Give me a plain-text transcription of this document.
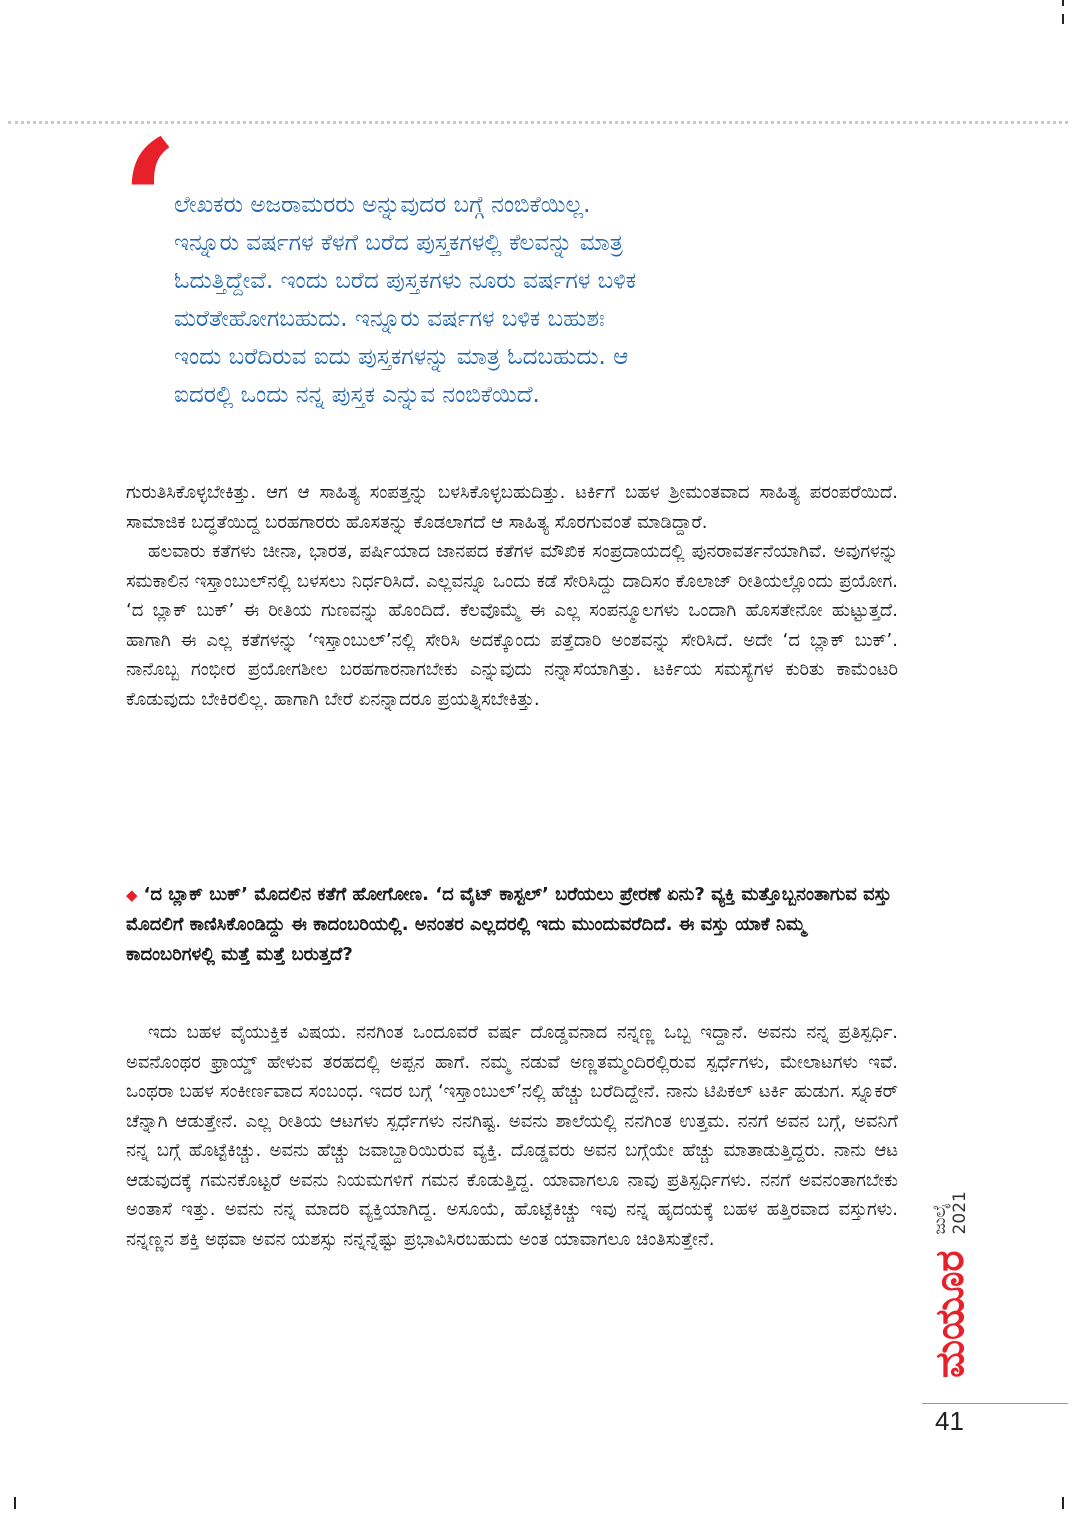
‘
ಲೇಖಕರು ಅಜರಾಮರರು ಅನ್ನುವುದರ ಬಗ್ಗೆ ನಂಬಿಕೆಯಿಲ್ಲ.
ಇನ್ನೂರು ವರ್ಷಗಳ ಕೆಳಗೆ ಬರೆದ ಪುಸ್ತಕಗಳಲ್ಲಿ ಕೆಲವನ್ನು ಮಾತ್ರ
ಓದುತ್ತಿದ್ದೇವೆ. ಇಂದು ಬರೆದ ಪುಸ್ತಕಗಳು ನೂರು ವರ್ಷಗಳ ಬಳಿಕ
ಮರೆತೇಹೋಗಬಹುದು. ಇನ್ನೂರು ವರ್ಷಗಳ ಬಳಿಕ ಬಹುಶಃ
ಇಂದು ಬರೆದಿರುವ ಐದು ಪುಸ್ತಕಗಳನ್ನು ಮಾತ್ರ ಓದಬಹುದು. ಆ
ಐದರಲ್ಲಿ ಒಂದು ನನ್ನ ಪುಸ್ತಕ ಎನ್ನುವ ನಂಬಿಕೆಯಿದೆ.

ಗುರುತಿಸಿಕೊಳ್ಳಬೇಕಿತ್ತು. ಆಗ ಆ ಸಾಹಿತ್ಯ ಸಂಪತ್ತನ್ನು ಬಳಸಿಕೊಳ್ಳಬಹುದಿತ್ತು. ಟರ್ಕಿಗೆ ಬಹಳ ಶ್ರೀಮಂತವಾದ ಸಾಹಿತ್ಯ ಪರಂಪರೆಯಿದೆ. ಸಾಮಾಜಿಕ ಬದ್ಧತೆಯಿದ್ದ ಬರಹಗಾರರು ಹೊಸತನ್ನು ಕೊಡಲಾಗದೆ ಆ ಸಾಹಿತ್ಯ ಸೊರಗುವಂತೆ ಮಾಡಿದ್ದಾರೆ.

ಹಲವಾರು ಕತೆಗಳು ಚೀನಾ, ಭಾರತ, ಪರ್ಷಿಯಾದ ಜಾನಪದ ಕತೆಗಳ ಮೌಖಿಕ ಸಂಪ್ರದಾಯದಲ್ಲಿ ಪುನರಾವರ್ತನೆಯಾಗಿವೆ. ಅವುಗಳನ್ನು ಸಮಕಾಲಿನ ಇಸ್ತಾಂಬುಲ್‌ನಲ್ಲಿ ಬಳಸಲು ನಿರ್ಧರಿಸಿದೆ. ಎಲ್ಲವನ್ನೂ ಒಂದು ಕಡೆ ಸೇರಿಸಿದ್ದು ದಾದಿಸಂ ಕೊಲಾಜ್ ರೀತಿಯಲ್ಲೊಂದು ಪ್ರಯೋಗ. ‘ದ ಬ್ಲಾಕ್ ಬುಕ್’ ಈ ರೀತಿಯ ಗುಣವನ್ನು ಹೊಂದಿದೆ. ಕೆಲವೊಮ್ಮೆ ಈ ಎಲ್ಲ ಸಂಪನ್ಮೂಲಗಳು ಒಂದಾಗಿ ಹೊಸತೇನೋ ಹುಟ್ಟುತ್ತದೆ. ಹಾಗಾಗಿ ಈ ಎಲ್ಲ ಕತೆಗಳನ್ನು ‘ಇಸ್ತಾಂಬುಲ್’ನಲ್ಲಿ ಸೇರಿಸಿ ಅದಕ್ಕೊಂದು ಪತ್ತೆದಾರಿ ಅಂಶವನ್ನು ಸೇರಿಸಿದೆ. ಅದೇ ‘ದ ಬ್ಲಾಕ್ ಬುಕ್’. ನಾನೊಬ್ಬ ಗಂಭೀರ ಪ್ರಯೋಗಶೀಲ ಬರಹಗಾರನಾಗಬೇಕು ಎನ್ನುವುದು ನನ್ನಾಸೆಯಾಗಿತ್ತು. ಟರ್ಕಿಯ ಸಮಸ್ಯೆಗಳ ಕುರಿತು ಕಾಮೆಂಟರಿ ಕೊಡುವುದು ಬೇಕಿರಲಿಲ್ಲ. ಹಾಗಾಗಿ ಬೇರೆ ಏನನ್ನಾದರೂ ಪ್ರಯತ್ನಿಸಬೇಕಿತ್ತು.

◆ ‘ದ ಬ್ಲಾಕ್ ಬುಕ್’ ಮೊದಲಿನ ಕತೆಗೆ ಹೋಗೋಣ. ‘ದ ವೈಟ್ ಕಾಸ್ಟಲ್’ ಬರೆಯಲು ಪ್ರೇರಣೆ ಏನು? ವ್ಯಕ್ತಿ ಮತ್ತೊಬ್ಬನಂತಾಗುವ ವಸ್ತು ಮೊದಲಿಗೆ ಕಾಣಿಸಿಕೊಂಡಿದ್ದು ಈ ಕಾದಂಬರಿಯಲ್ಲಿ. ಅನಂತರ ಎಲ್ಲದರಲ್ಲಿ ಇದು ಮುಂದುವರೆದಿದೆ. ಈ ವಸ್ತು ಯಾಕೆ ನಿಮ್ಮ ಕಾದಂಬರಿಗಳಲ್ಲಿ ಮತ್ತೆ ಮತ್ತೆ ಬರುತ್ತದೆ?

ಇದು ಬಹಳ ವೈಯುಕ್ತಿಕ ವಿಷಯ. ನನಗಿಂತ ಒಂದೂವರೆ ವರ್ಷ ದೊಡ್ಡವನಾದ ನನ್ನಣ್ಣ ಒಬ್ಬ ಇದ್ದಾನೆ. ಅವನು ನನ್ನ ಪ್ರತಿಸ್ಪರ್ಧಿ. ಅವನೊಂಥರ ಫ್ರಾಯ್ಡ್ ಹೇಳುವ ತರಹದಲ್ಲಿ ಅಪ್ಪನ ಹಾಗೆ. ನಮ್ಮ ನಡುವೆ ಅಣ್ಣತಮ್ಮಂದಿರಲ್ಲಿರುವ ಸ್ಪರ್ಧೆಗಳು, ಮೇಲಾಟಗಳು ಇವೆ. ಒಂಥರಾ ಬಹಳ ಸಂಕೀರ್ಣವಾದ ಸಂಬಂಧ. ಇದರ ಬಗ್ಗೆ ‘ಇಸ್ತಾಂಬುಲ್’ನಲ್ಲಿ ಹೆಚ್ಚು ಬರೆದಿದ್ದೇನೆ. ನಾನು ಟಿಪಿಕಲ್ ಟರ್ಕಿ ಹುಡುಗ. ಸ್ನೂಕರ್ ಚೆನ್ನಾಗಿ ಆಡುತ್ತೇನೆ. ಎಲ್ಲ ರೀತಿಯ ಆಟಗಳು ಸ್ಪರ್ಧೆಗಳು ನನಗಿಷ್ಟ. ಅವನು ಶಾಲೆಯಲ್ಲಿ ನನಗಿಂತ ಉತ್ತಮ. ನನಗೆ ಅವನ ಬಗ್ಗೆ, ಅವನಿಗೆ ನನ್ನ ಬಗ್ಗೆ ಹೊಟ್ಟೆಕಿಚ್ಚು. ಅವನು ಹೆಚ್ಚು ಜವಾಬ್ದಾರಿಯಿರುವ ವ್ಯಕ್ತಿ. ದೊಡ್ಡವರು ಅವನ ಬಗ್ಗೆಯೇ ಹೆಚ್ಚು ಮಾತಾಡುತ್ತಿದ್ದರು. ನಾನು ಆಟ ಆಡುವುದಕ್ಕೆ ಗಮನಕೊಟ್ಟರೆ ಅವನು ನಿಯಮಗಳಿಗೆ ಗಮನ ಕೊಡುತ್ತಿದ್ದ. ಯಾವಾಗಲೂ ನಾವು ಪ್ರತಿಸ್ಪರ್ಧಿಗಳು. ನನಗೆ ಅವನಂತಾಗಬೇಕು ಅಂತಾಸೆ ಇತ್ತು. ಅವನು ನನ್ನ ಮಾದರಿ ವ್ಯಕ್ತಿಯಾಗಿದ್ದ. ಅಸೂಯೆ, ಹೊಟ್ಟೆಕಿಚ್ಚು ಇವು ನನ್ನ ಹೃದಯಕ್ಕೆ ಬಹಳ ಹತ್ತಿರವಾದ ವಸ್ತುಗಳು. ನನ್ನಣ್ಣನ ಶಕ್ತಿ ಅಥವಾ ಅವನ ಯಶಸ್ಸು ನನ್ನನ್ನೆಷ್ಟು ಪ್ರಭಾವಿಸಿರಬಹುದು ಅಂತ ಯಾವಾಗಲೂ ಚಿಂತಿಸುತ್ತೇನೆ.

ಮಯೂರ
ಜುಲೈ 2021
41
